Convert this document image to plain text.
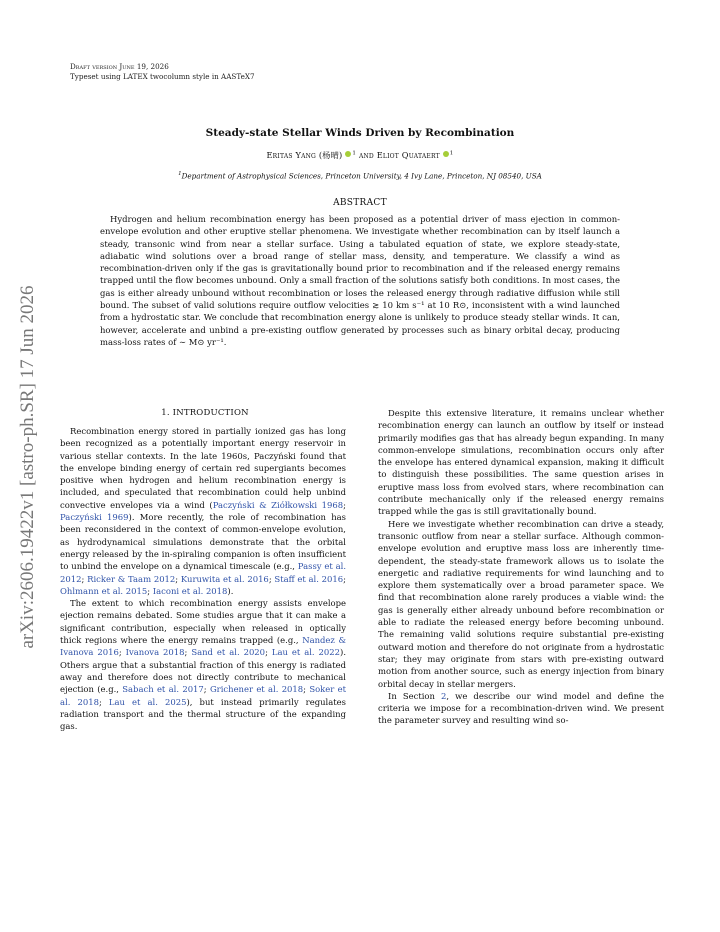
arXiv:2606.19422v1 [astro-ph.SR] 17 Jun 2026
Draft version June 19, 2026
Typeset using LATEX twocolumn style in AASTeX7
Steady-state Stellar Winds Driven by Recombination
Eritas Yang (杨晴) $^1$ and Eliot Quataert $^1$
$^1$Department of Astrophysical Sciences, Princeton University, 4 Ivy Lane, Princeton, NJ 08540, USA
ABSTRACT
Hydrogen and helium recombination energy has been proposed as a potential driver of mass ejection in common-envelope evolution and other eruptive stellar phenomena. We investigate whether recombination can by itself launch a steady, transonic wind from near a stellar surface. Using a tabulated equation of state, we explore steady-state, adiabatic wind solutions over a broad range of stellar mass, density, and temperature. We classify a wind as recombination-driven only if the gas is gravitationally bound prior to recombination and if the released energy remains trapped until the flow becomes unbound. Only a small fraction of the solutions satisfy both conditions. In most cases, the gas is either already unbound without recombination or loses the released energy through radiative diffusion while still bound. The subset of valid solutions require outflow velocities ≳ 10 km s⁻¹ at 10 R⊙, inconsistent with a wind launched from a hydrostatic star. We conclude that recombination energy alone is unlikely to produce steady stellar winds. It can, however, accelerate and unbind a pre-existing outflow generated by processes such as binary orbital decay, producing mass-loss rates of ∼ M⊙ yr⁻¹.
1. INTRODUCTION

Recombination energy stored in partially ionized gas has long been recognized as a potentially important energy reservoir in various stellar contexts. In the late 1960s, Paczyński found that the envelope binding energy of certain red supergiants becomes positive when hydrogen and helium recombination energy is included, and speculated that recombination could help unbind convective envelopes via a wind (Paczyński & Ziółkowski 1968; Paczyński 1969). More recently, the role of recombination has been reconsidered in the context of common-envelope evolution, as hydrodynamical simulations demonstrate that the orbital energy released by the in-spiraling companion is often insufficient to unbind the envelope on a dynamical timescale (e.g., Passy et al. 2012; Ricker & Taam 2012; Kuruwita et al. 2016; Staff et al. 2016; Ohlmann et al. 2015; Iaconi et al. 2018).

The extent to which recombination energy assists envelope ejection remains debated. Some studies argue that it can make a significant contribution, especially when released in optically thick regions where the energy remains trapped (e.g., Nandez & Ivanova 2016; Ivanova 2018; Sand et al. 2020; Lau et al. 2022). Others argue that a substantial fraction of this energy is radiated away and therefore does not directly contribute to mechanical ejection (e.g., Sabach et al. 2017; Grichener et al. 2018; Soker et al. 2018; Lau et al. 2025), but instead primarily regulates radiation transport and the thermal structure of the expanding gas.

Despite this extensive literature, it remains unclear whether recombination energy can launch an outflow by itself or instead primarily modifies gas that has already begun expanding. In many common-envelope simulations, recombination occurs only after the envelope has entered dynamical expansion, making it difficult to distinguish these possibilities. The same question arises in eruptive mass loss from evolved stars, where recombination can contribute mechanically only if the released energy remains trapped while the gas is still gravitationally bound.

Here we investigate whether recombination can drive a steady, transonic outflow from near a stellar surface. Although common-envelope evolution and eruptive mass loss are inherently time-dependent, the steady-state framework allows us to isolate the energetic and radiative requirements for wind launching and to explore them systematically over a broad parameter space. We find that recombination alone rarely produces a viable wind: the gas is generally either already unbound before recombination or able to radiate the released energy before becoming unbound. The remaining valid solutions require substantial pre-existing outward motion and therefore do not originate from a hydrostatic star; they may originate from stars with pre-existing outward motion from another source, such as energy injection from binary orbital decay in stellar mergers.

In Section 2, we describe our wind model and define the criteria we impose for a recombination-driven wind. We present the parameter survey and resulting wind so-
